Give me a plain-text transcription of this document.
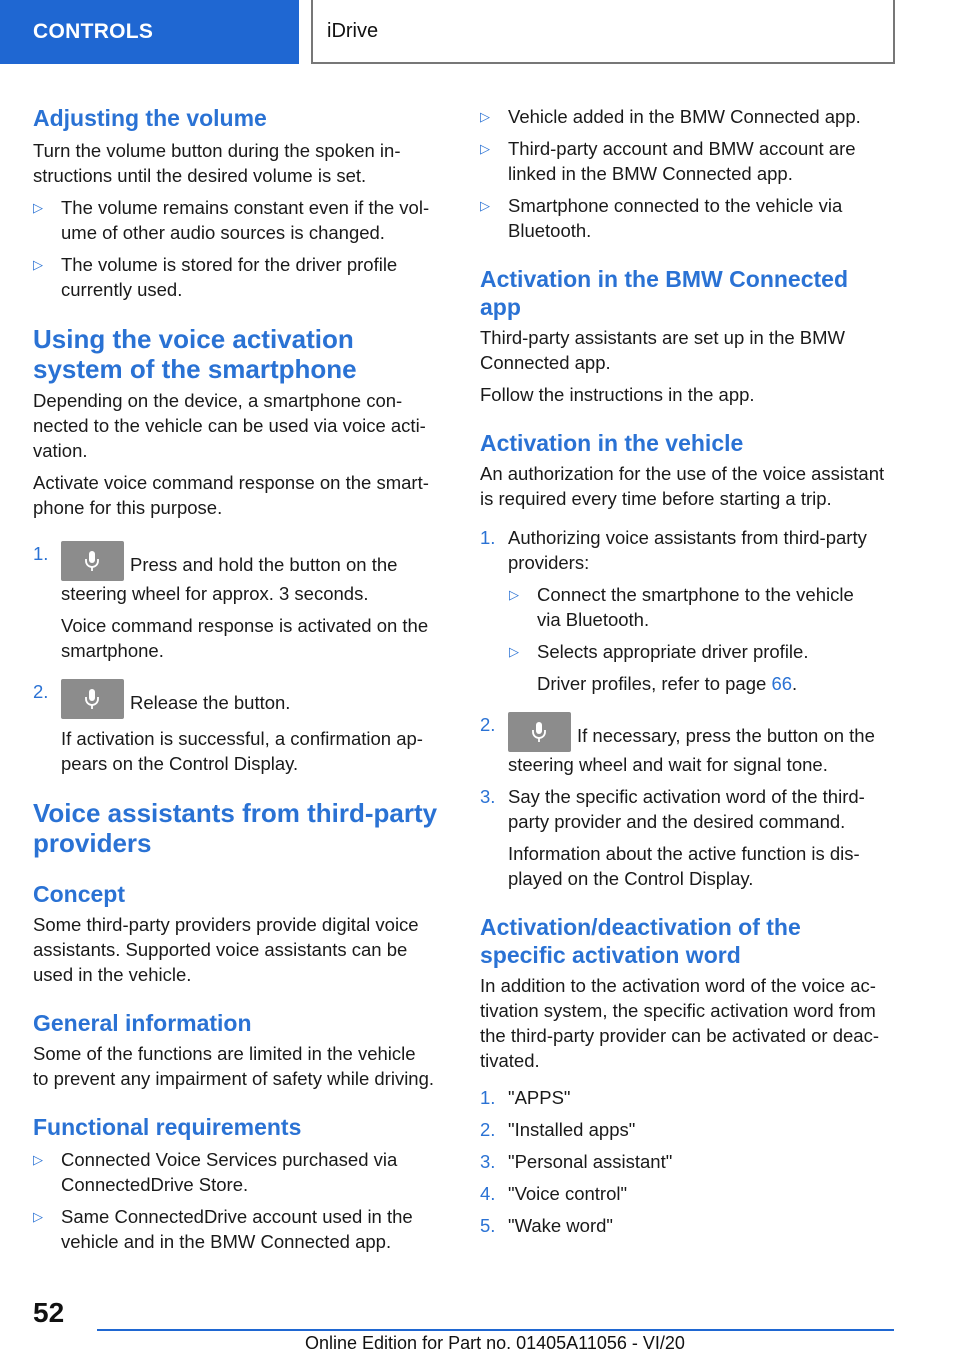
CONTROLS	iDrive
Adjusting the volume

Turn the volume button during the spoken in-
structions until the desired volume is set.

▷ The volume remains constant even if the vol-
ume of other audio sources is changed.
▷ The volume is stored for the driver profile
currently used.
Using the voice activation
system of the smartphone

Depending on the device, a smartphone con-
nected to the vehicle can be used via voice acti-
vation.

Activate voice command response on the smart-
phone for this purpose.

1.
Press and hold the button on the
steering wheel for approx. 3 seconds.
Voice command response is activated on the
smartphone.
2.
Release the button.
If activation is successful, a confirmation ap-
pears on the Control Display.
Voice assistants from third-party
providers
Concept

Some third-party providers provide digital voice
assistants. Supported voice assistants can be
used in the vehicle.

General information

Some of the functions are limited in the vehicle
to prevent any impairment of safety while driving.

Functional requirements
▷ Connected Voice Services purchased via
ConnectedDrive Store.
▷ Same ConnectedDrive account used in the
vehicle and in the BMW Connected app.
▷ Vehicle added in the BMW Connected app.
▷ Third-party account and BMW account are
linked in the BMW Connected app.
▷ Smartphone connected to the vehicle via
Bluetooth.
Activation in the BMW Connected
app

Third-party assistants are set up in the BMW
Connected app.

Follow the instructions in the app.

Activation in the vehicle

An authorization for the use of the voice assistant
is required every time before starting a trip.

1. Authorizing voice assistants from third-party
providers:
▷ Connect the smartphone to the vehicle
via Bluetooth.
▷ Selects appropriate driver profile.
Driver profiles, refer to page 66.
2.
If necessary, press the button on the
steering wheel and wait for signal tone.
3. Say the specific activation word of the third-
party provider and the desired command.
Information about the active function is dis-
played on the Control Display.
Activation/deactivation of the
specific activation word

In addition to the activation word of the voice ac-
tivation system, the specific activation word from
the third-party provider can be activated or deac-
tivated.

1. "APPS"
2. "Installed apps"
3. "Personal assistant"
4. "Voice control"
5. "Wake word"
52
Online Edition for Part no. 01405A11056 - VI/20
